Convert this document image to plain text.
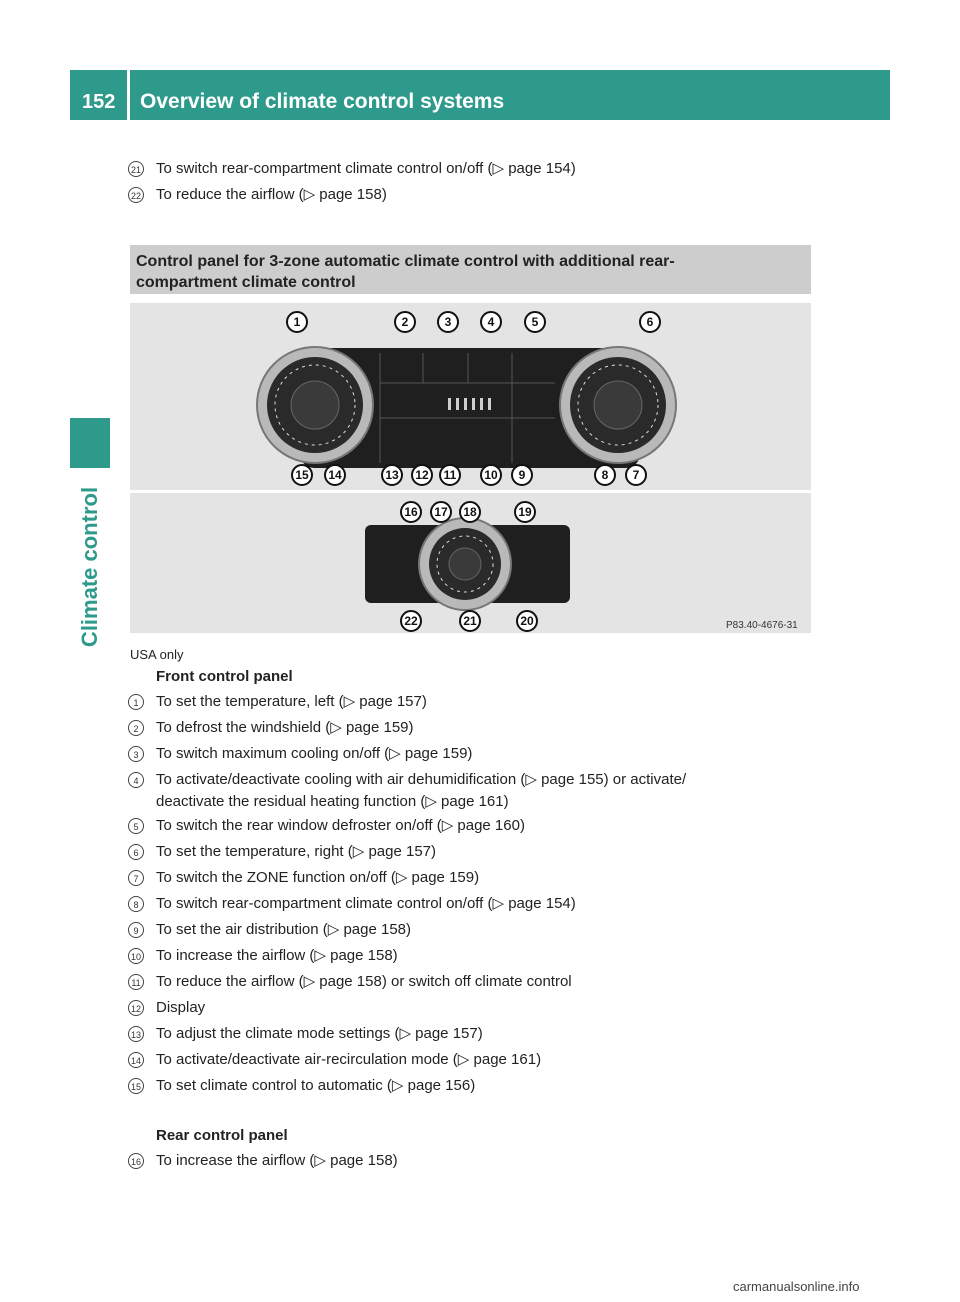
152	Overview of climate control systems
Climate control
21 To switch rear-compartment climate control on/off (▷ page 154)
22 To reduce the airflow (▷ page 158)
Control panel for 3-zone automatic climate control with additional rear-
compartment climate control
1	2	3	4	5	6
15 14	13 12 11 10 9	8 7
16 17 18	19
22	21	20	P83.40-4676-31
USA only
Front control panel
1	To set the temperature, left (▷ page 157)
2	To defrost the windshield (▷ page 159)
3	To switch maximum cooling on/off (▷ page 159)
4	To activate/deactivate cooling with air dehumidification (▷ page 155) or activate/
deactivate the residual heating function (▷ page 161)
5	To switch the rear window defroster on/off (▷ page 160)
6	To set the temperature, right (▷ page 157)
7	To switch the ZONE function on/off (▷ page 159)
8	To switch rear-compartment climate control on/off (▷ page 154)
9	To set the air distribution (▷ page 158)
10 To increase the airflow (▷ page 158)
11 To reduce the airflow (▷ page 158) or switch off climate control
12 Display
13 To adjust the climate mode settings (▷ page 157)
14 To activate/deactivate air-recirculation mode (▷ page 161)
15 To set climate control to automatic (▷ page 156)
Rear control panel
16 To increase the airflow (▷ page 158)
carmanualsonline.info
